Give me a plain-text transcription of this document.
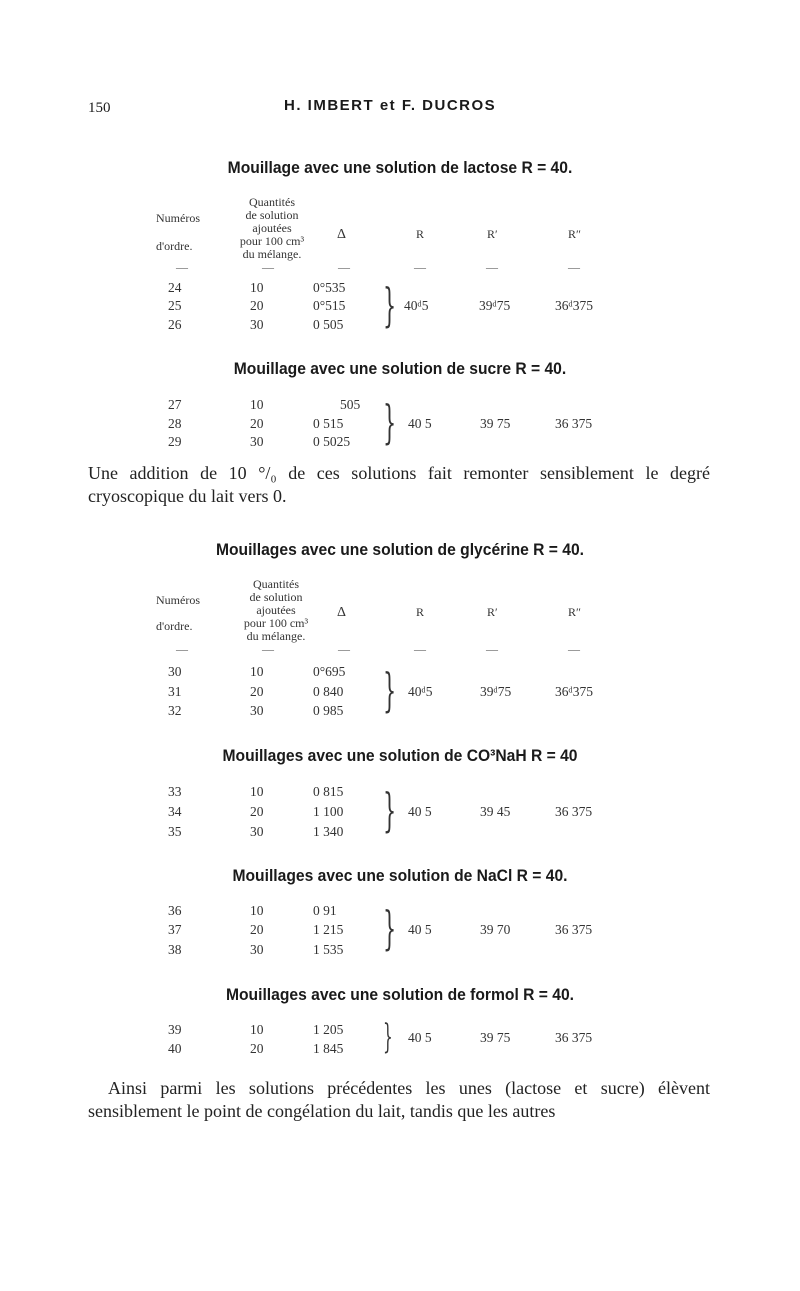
150	H. IMBERT et F. DUCROS
Mouillage avec une solution de lactose R = 40.
Numéros
d'ordre.
Quantités
de solution
ajoutées
pour 100 cm³
du mélange.
Δ	R	R′	R″
—	—	—	—	—	—
24	10	0°535
25	20	0°515
26	30	0 505 } 40ᵈ5	39ᵈ75	36ᵈ375
Mouillage avec une solution de sucre R = 40.
27	10	505
28	20	0 515
29	30	0 5025 } 40 5	39 75	36 375
Une addition de 10 °/₀ de ces solutions fait remonter sensiblement le degré cryoscopique du lait vers 0.
Mouillages avec une solution de glycérine R = 40.
Numéros
d'ordre.
Quantités
de solution
ajoutées
pour 100 cm³
du mélange.
Δ	R	R′	R″
—	—	—	—	—	—
30	10	0°695
31	20	0 840
32	30	0 985 } 40ᵈ5	39ᵈ75	36ᵈ375
Mouillages avec une solution de CO³NaH R = 40
33	10	0 815
34	20	1 100
35	30	1 340 } 40 5	39 45	36 375
Mouillages avec une solution de NaCl R = 40.
36	10	0 91
37	20	1 215
38	30	1 535 } 40 5	39 70	36 375
Mouillages avec une solution de formol R = 40.
39	10	1 205
40	20	1 845 } 40 5	39 75	36 375
Ainsi parmi les solutions précédentes les unes (lactose et sucre) élèvent sensiblement le point de congélation du lait, tandis que les autres
